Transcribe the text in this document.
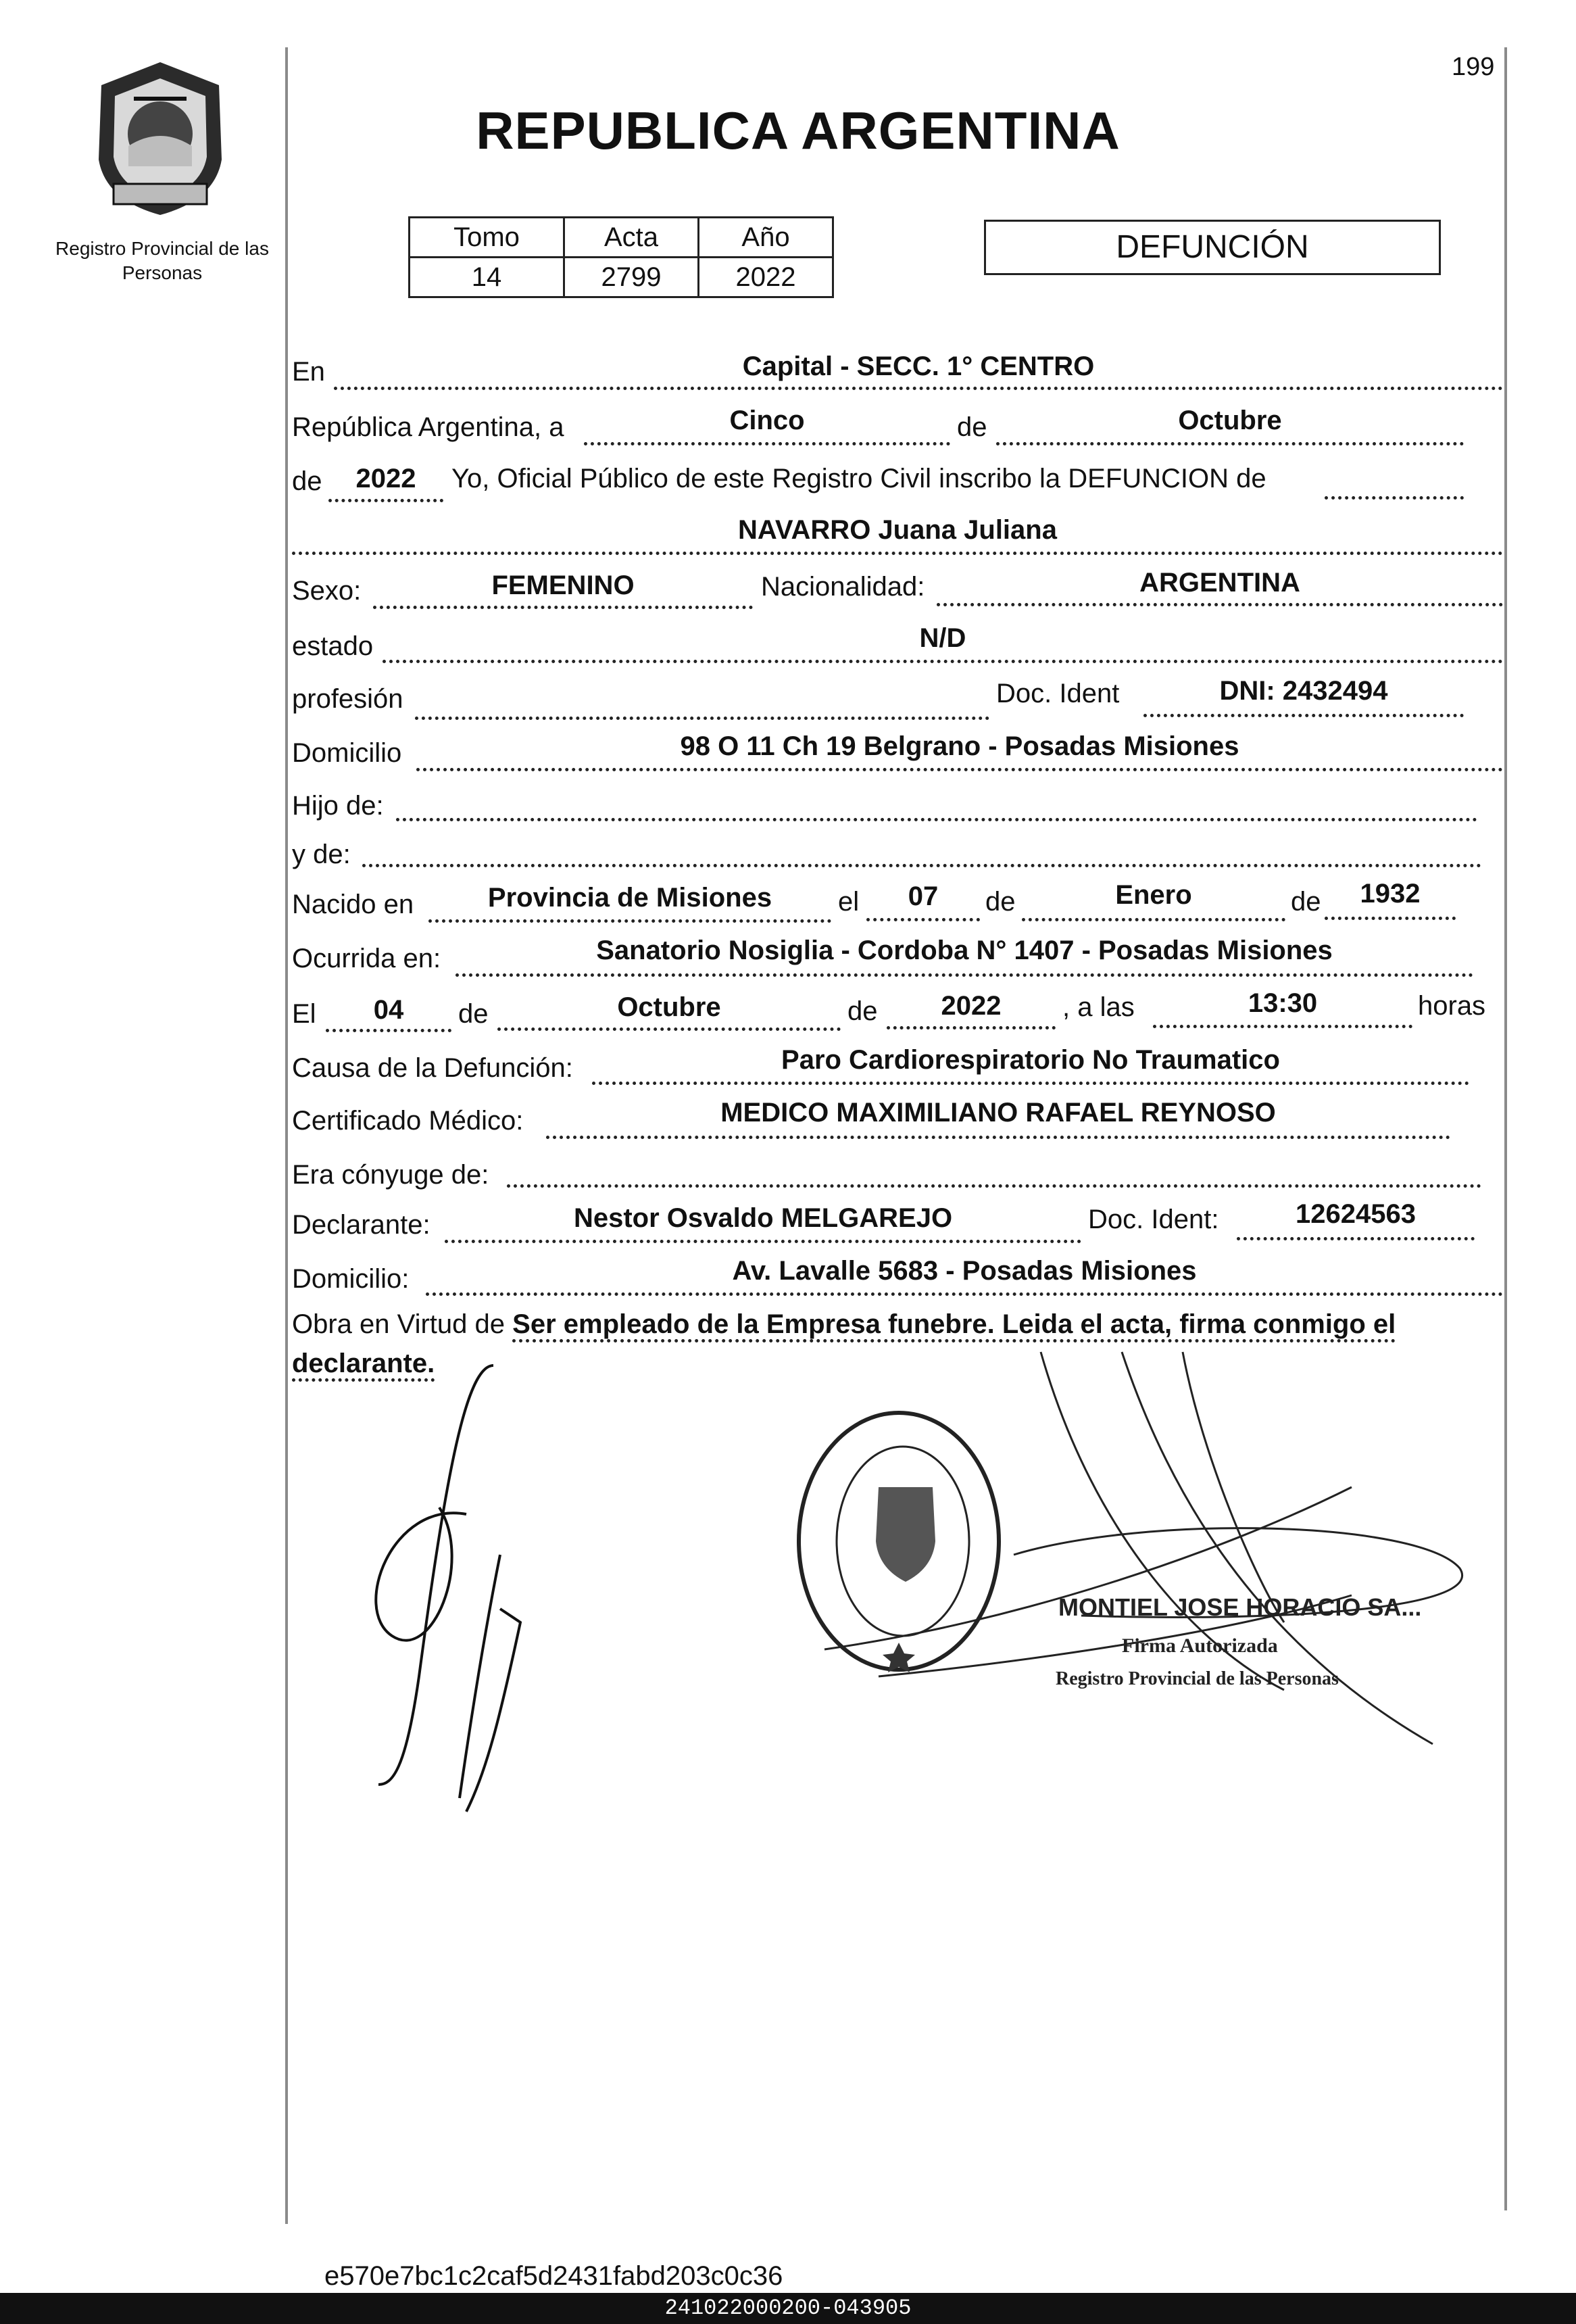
199
REPUBLICA ARGENTINA
Registro Provincial de las Personas
Tomo	Acta	Año
14	2799	2022
DEFUNCIÓN
En	Capital - SECC. 1° CENTRO
República Argentina, a	Cinco	de	Octubre
de	2022	Yo, Oficial Público de este Registro Civil inscribo la DEFUNCION de
NAVARRO Juana Juliana
Sexo:	FEMENINO	Nacionalidad:	ARGENTINA
estado	N/D
profesión	Doc. Ident	DNI: 2432494
Domicilio	98 O 11 Ch 19 Belgrano - Posadas Misiones
Hijo de:
y de:
Nacido en	Provincia de Misiones	el	07	de	Enero	de	1932
Ocurrida en:	Sanatorio Nosiglia - Cordoba N° 1407 - Posadas Misiones
El	04	de	Octubre	de	2022	, a las	13:30	horas
Causa de la Defunción:	Paro Cardiorespiratorio No Traumatico
Certificado Médico:	MEDICO MAXIMILIANO RAFAEL REYNOSO
Era cónyuge de:
Declarante:	Nestor Osvaldo MELGAREJO	Doc. Ident:	12624563
Domicilio:	Av. Lavalle 5683 - Posadas Misiones
Obra en Virtud de Ser empleado de la Empresa funebre. Leida el acta, firma conmigo el declarante.
MONTIEL JOSE HORACIO SA...
Firma Autorizada
Registro Provincial de las Personas
e570e7bc1c2caf5d2431fabd203c0c36
241022000200-043905
